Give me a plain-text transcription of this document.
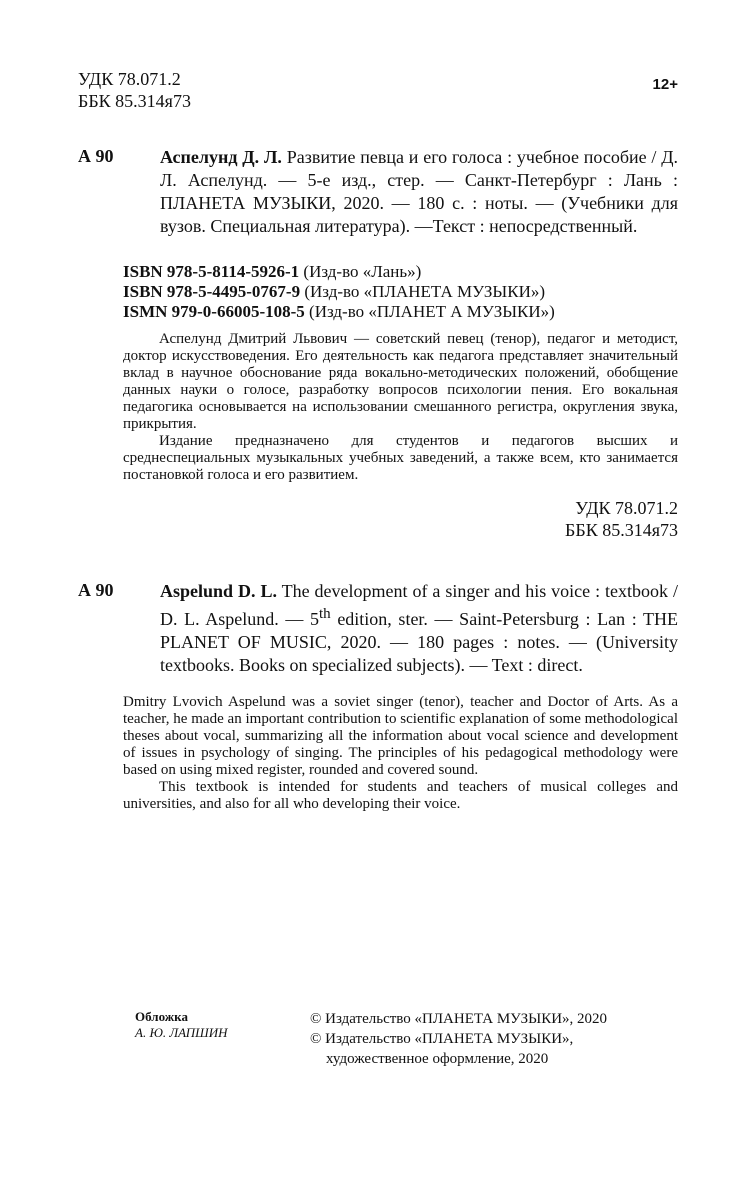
УДК 78.071.2
ББК 85.314я73
12+
А 90	Аспелунд Д. Л. Развитие певца и его голоса : учебное пособие / Д. Л. Аспелунд. — 5-е изд., стер. — Санкт-Петербург : Лань : ПЛАНЕТА МУЗЫКИ, 2020. — 180 с. : ноты. — (Учебники для вузов. Специальная литература). —Текст : непосредственный.
ISBN 978-5-8114-5926-1 (Изд-во «Лань»)
ISBN 978-5-4495-0767-9 (Изд-во «ПЛАНЕТА МУЗЫКИ»)
ISMN 979-0-66005-108-5 (Изд-во «ПЛАНЕТ А МУЗЫКИ»)

Аспелунд Дмитрий Львович — советский певец (тенор), педагог и методист, доктор искусствоведения. Его деятельность как педагога представляет значительный вклад в научное обоснование ряда вокально-методических положений, обобщение данных науки о голосе, разработку вопросов психологии пения. Его вокальная педагогика основывается на использовании смешанного регистра, округления звука, прикрытия.

Издание предназначено для студентов и педагогов высших и среднеспециальных музыкальных учебных заведений, а также всем, кто занимается постановкой голоса и его развитием.

УДК 78.071.2
ББК 85.314я73
А 90	Aspelund D. L. The development of a singer and his voice : textbook / D. L. Aspelund. — 5th edition, ster. — Saint-Petersburg : Lan : THE PLANET OF MUSIC, 2020. — 180 pages : notes. — (University textbooks. Books on specialized subjects). — Text : direct.

Dmitry Lvovich Aspelund was a soviet singer (tenor), teacher and Doctor of Arts. As a teacher, he made an important contribution to scientific explanation of some methodological theses about vocal, summarizing all the information about vocal science and development of issues in psychology of singing. The principles of his pedagogical methodology were based on using mixed register, rounded and covered sound.

This textbook is intended for students and teachers of musical colleges and universities, and also for all who developing their voice.

Обложка
А. Ю. ЛАПШИН
© Издательство «ПЛАНЕТА МУЗЫКИ», 2020
© Издательство «ПЛАНЕТА МУЗЫКИ»,
художественное оформление, 2020
